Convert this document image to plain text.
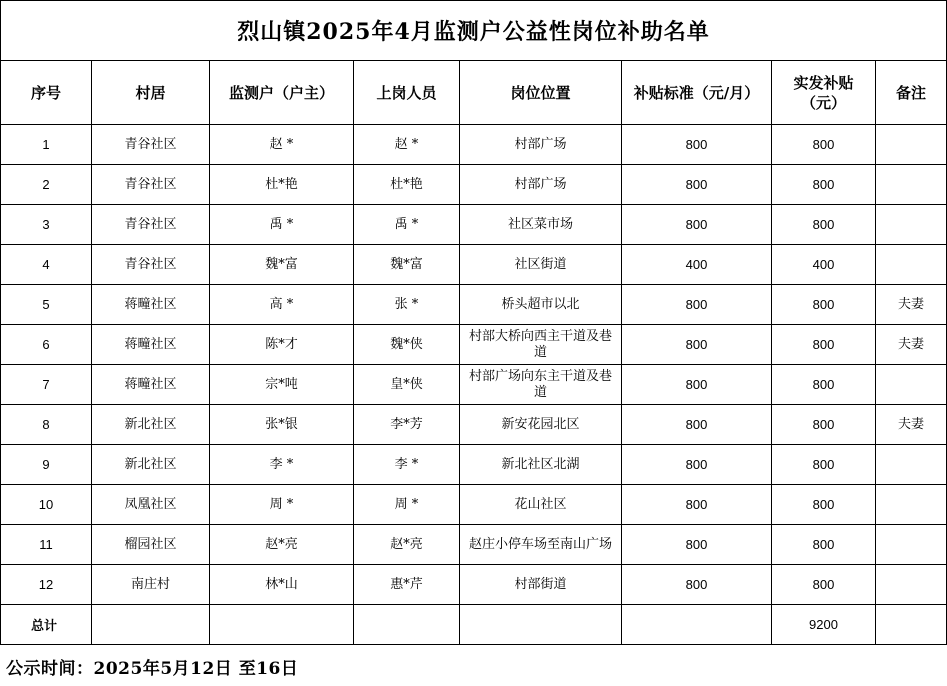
烈山镇2025年4月监测户公益性岗位补助名单							
序号	村居	监测户（户主）	上岗人员	岗位位置	补贴标准（元/月）	实发补贴（元）	备注
1	青谷社区	赵 *	赵 *	村部广场	800	800	
2	青谷社区	杜*艳	杜*艳	村部广场	800	800	
3	青谷社区	禹 *	禹 *	社区菜市场	800	800	
4	青谷社区	魏*富	魏*富	社区街道	400	400	
5	蒋疃社区	高 *	张 *	桥头超市以北	800	800	夫妻
6	蒋疃社区	陈*才	魏*侠	村部大桥向西主干道及巷道	800	800	夫妻
7	蒋疃社区	宗*吨	皇*侠	村部广场向东主干道及巷道	800	800	
8	新北社区	张*银	李*芳	新安花园北区	800	800	夫妻
9	新北社区	李 *	李 *	新北社区北湖	800	800	
10	凤凰社区	周 *	周 *	花山社区	800	800	
11	榴园社区	赵*亮	赵*亮	赵庄小停车场至南山广场	800	800	
12	南庄村	林*山	惠*芹	村部街道	800	800	
总计						9200	
公示时间：2025年5月12日 至16日
